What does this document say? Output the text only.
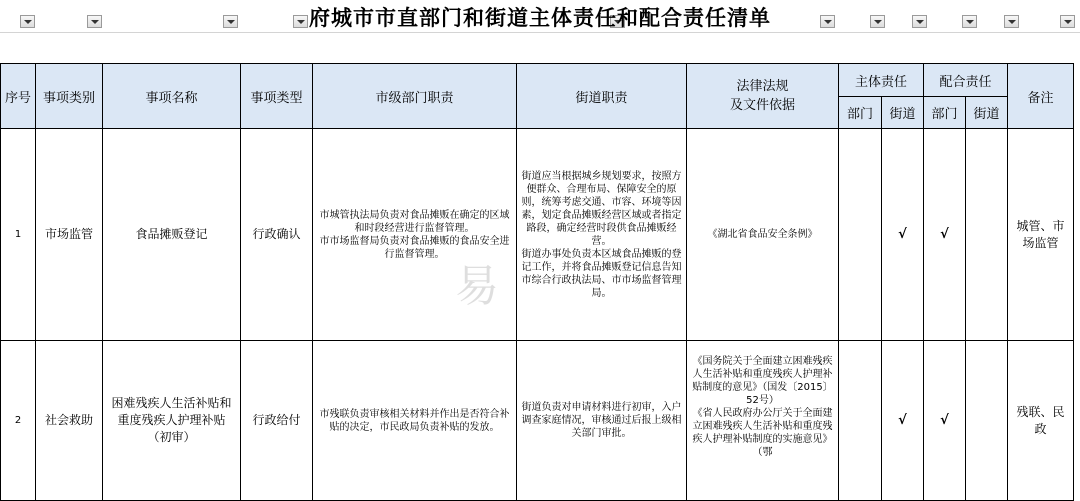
府城市市直部门和街道主体责任和配合责任清单
序号	事项类别	事项名称	事项类型	市级部门职责	街道职责	法律法规
及文件依据	主体责任		配合责任		备注
							部门	街道	部门	街道	
1	市场监管	食品摊贩登记	行政确认	市城管执法局负责对食品摊贩在确定的区域和时段经营进行监督管理。
市市场监督局负责对食品摊贩的食品安全进行监督管理。	街道应当根据城乡规划要求，按照方便群众、合理布局、保障安全的原则，统筹考虑交通、市容、环境等因素，划定食品摊贩经营区域或者指定路段，确定经营时段供食品摊贩经营。
街道办事处负责本区域食品摊贩的登记工作，并将食品摊贩登记信息告知市综合行政执法局、市市场监督管理局。	《湖北省食品安全条例》		√	√		城管、市场监管
2	社会救助	困难残疾人生活补贴和重度残疾人护理补贴（初审）	行政给付	市残联负责审核相关材料并作出是否符合补贴的决定，市民政局负责补贴的发放。	街道负责对申请材料进行初审，入户调查家庭情况，审核通过后报上级相关部门审批。	《国务院关于全面建立困难残疾人生活补贴和重度残疾人护理补贴制度的意见》（国发〔2015〕52号）
《省人民政府办公厅关于全面建立困难残疾人生活补贴和重度残疾人护理补贴制度的实施意见》（鄂		√	√		残联、民政
易
